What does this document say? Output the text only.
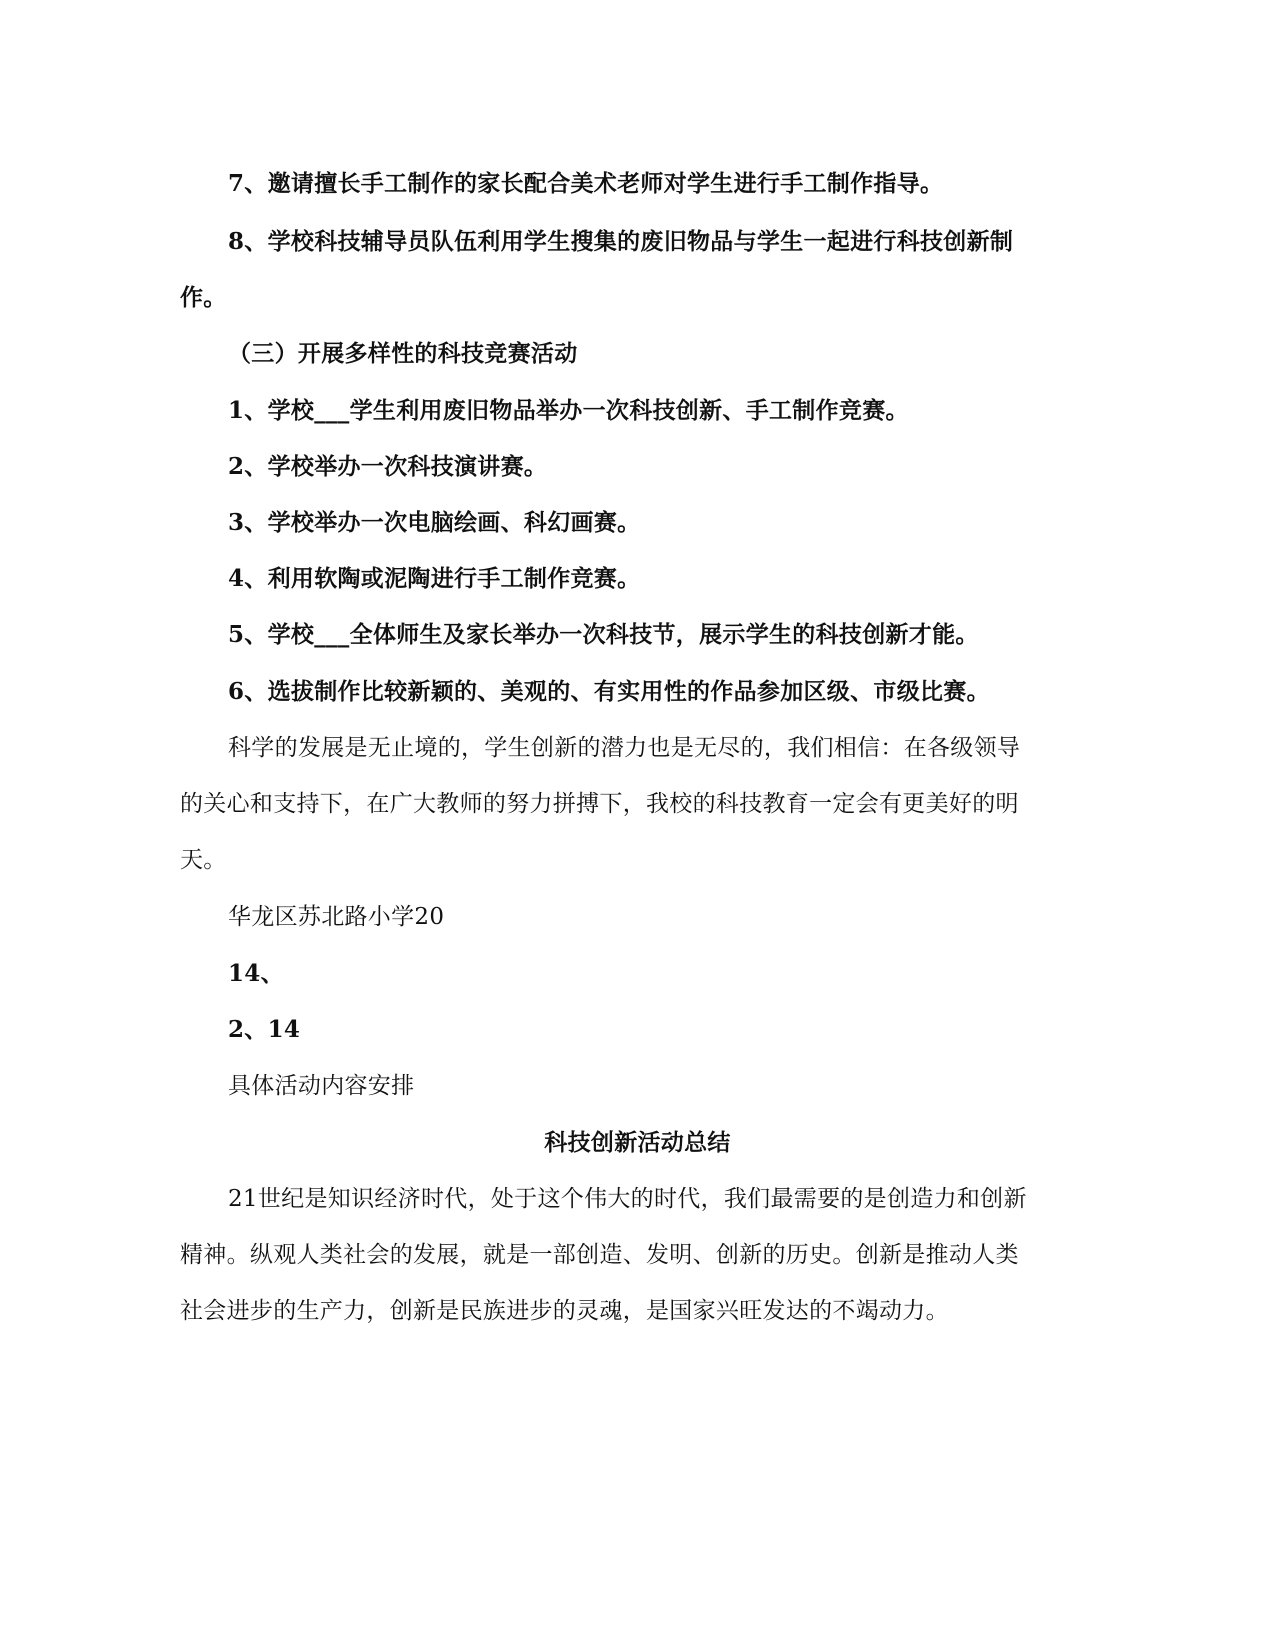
7、邀请擅长手工制作的家长配合美术老师对学生进行手工制作指导。
8、学校科技辅导员队伍利用学生搜集的废旧物品与学生一起进行科技创新制
作。
（三）开展多样性的科技竞赛活动
1、学校___学生利用废旧物品举办一次科技创新、手工制作竞赛。
2、学校举办一次科技演讲赛。
3、学校举办一次电脑绘画、科幻画赛。
4、利用软陶或泥陶进行手工制作竞赛。
5、学校___全体师生及家长举办一次科技节，展示学生的科技创新才能。
6、选拔制作比较新颖的、美观的、有实用性的作品参加区级、市级比赛。
科学的发展是无止境的，学生创新的潜力也是无尽的，我们相信：在各级领导
的关心和支持下，在广大教师的努力拼搏下，我校的科技教育一定会有更美好的明
天。
华龙区苏北路小学20
14、
2、14
具体活动内容安排
科技创新活动总结
21世纪是知识经济时代，处于这个伟大的时代，我们最需要的是创造力和创新
精神。纵观人类社会的发展，就是一部创造、发明、创新的历史。创新是推动人类
社会进步的生产力，创新是民族进步的灵魂，是国家兴旺发达的不竭动力。
